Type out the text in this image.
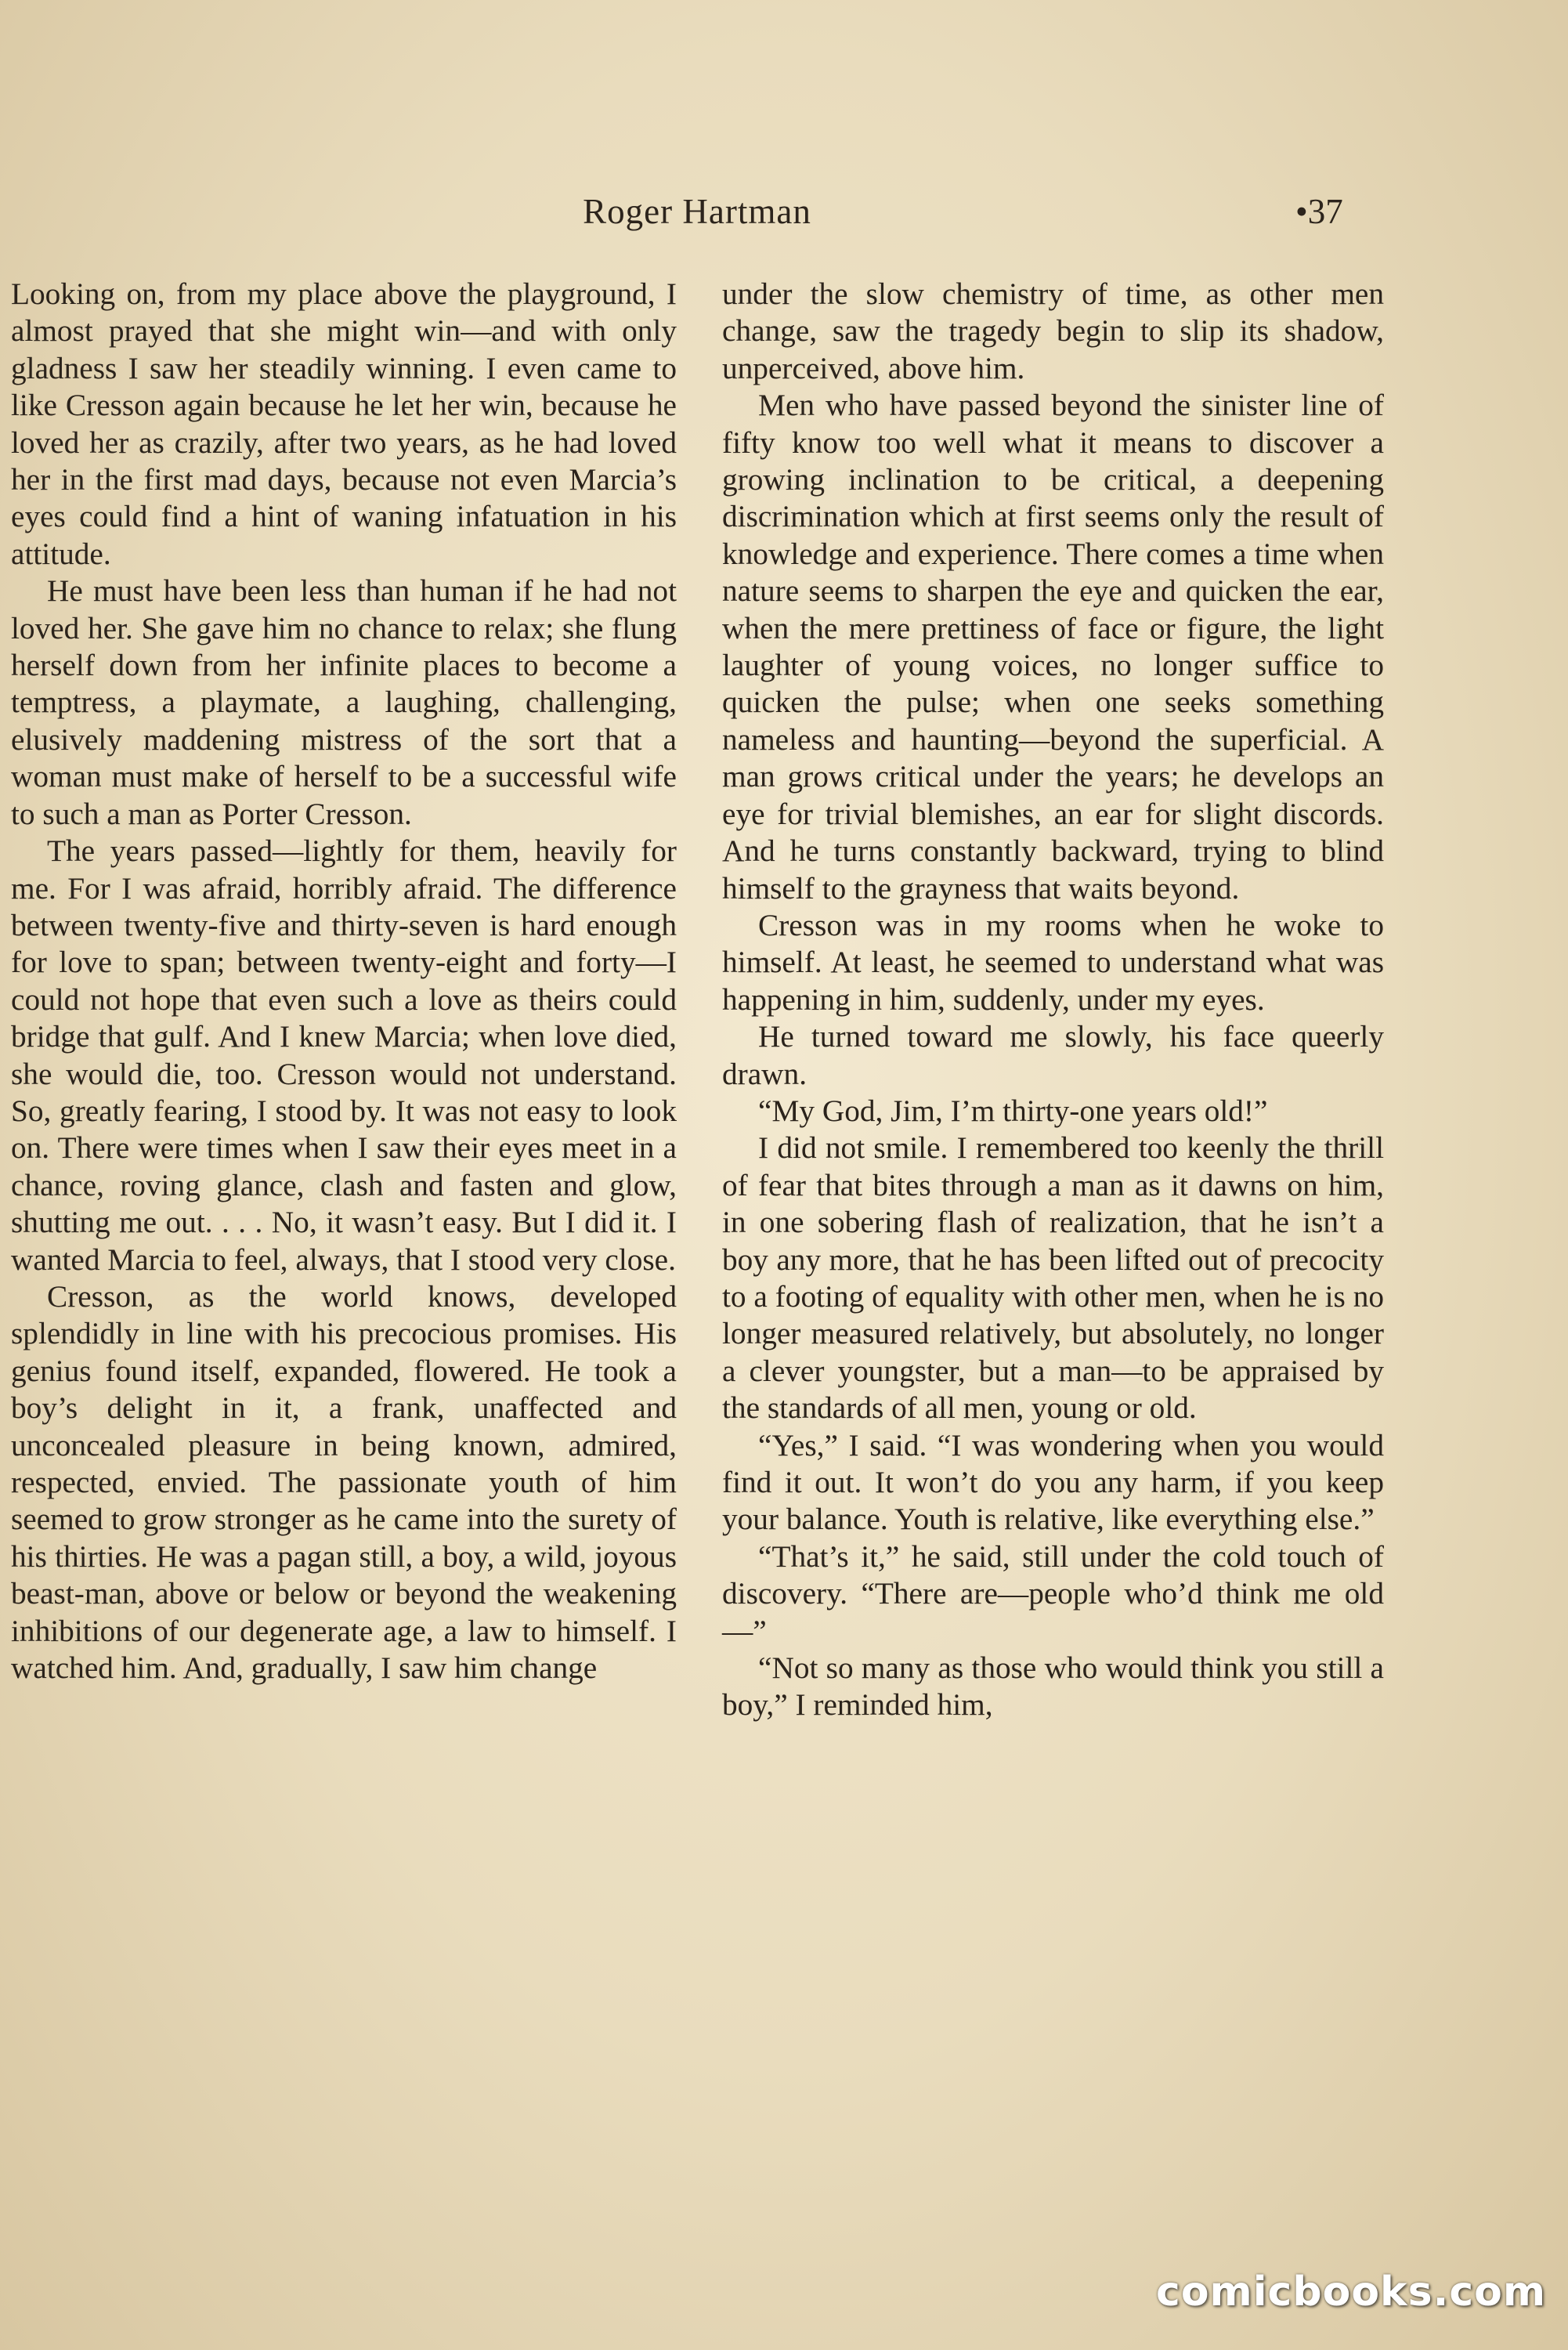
Roger Hartman	•37

Looking on, from my place above the playground, I almost prayed that she might win—and with only gladness I saw her steadily winning. I even came to like Cresson again because he let her win, because he loved her as crazily, after two years, as he had loved her in the first mad days, because not even Marcia’s eyes could find a hint of waning infatuation in his attitude.

He must have been less than human if he had not loved her. She gave him no chance to relax; she flung herself down from her infinite places to become a temptress, a playmate, a laughing, challenging, elusively maddening mistress of the sort that a woman must make of herself to be a successful wife to such a man as Porter Cresson.

The years passed—lightly for them, heavily for me. For I was afraid, horribly afraid. The difference between twenty-five and thirty-seven is hard enough for love to span; between twenty-eight and forty—I could not hope that even such a love as theirs could bridge that gulf. And I knew Marcia; when love died, she would die, too. Cresson would not understand. So, greatly fearing, I stood by. It was not easy to look on. There were times when I saw their eyes meet in a chance, roving glance, clash and fasten and glow, shutting me out. . . . No, it wasn’t easy. But I did it. I wanted Marcia to feel, always, that I stood very close.

Cresson, as the world knows, developed splendidly in line with his precocious promises. His genius found itself, expanded, flowered. He took a boy’s delight in it, a frank, unaffected and unconcealed pleasure in being known, admired, respected, envied. The passionate youth of him seemed to grow stronger as he came into the surety of his thirties. He was a pagan still, a boy, a wild, joyous beast-man, above or below or beyond the weakening inhibitions of our degenerate age, a law to himself. I watched him. And, gradually, I saw him change

under the slow chemistry of time, as other men change, saw the tragedy begin to slip its shadow, unperceived, above him.

Men who have passed beyond the sinister line of fifty know too well what it means to discover a growing inclination to be critical, a deepening discrimination which at first seems only the result of knowledge and experience. There comes a time when nature seems to sharpen the eye and quicken the ear, when the mere prettiness of face or figure, the light laughter of young voices, no longer suffice to quicken the pulse; when one seeks something nameless and haunting—beyond the superficial. A man grows critical under the years; he develops an eye for trivial blemishes, an ear for slight discords. And he turns constantly backward, trying to blind himself to the grayness that waits beyond.

Cresson was in my rooms when he woke to himself. At least, he seemed to understand what was happening in him, suddenly, under my eyes.

He turned toward me slowly, his face queerly drawn.

“My God, Jim, I’m thirty-one years old!”

I did not smile. I remembered too keenly the thrill of fear that bites through a man as it dawns on him, in one sobering flash of realization, that he isn’t a boy any more, that he has been lifted out of precocity to a footing of equality with other men, when he is no longer measured relatively, but absolutely, no longer a clever youngster, but a man—to be appraised by the standards of all men, young or old.

“Yes,” I said. “I was wondering when you would find it out. It won’t do you any harm, if you keep your balance. Youth is relative, like everything else.”

“That’s it,” he said, still under the cold touch of discovery. “There are—people who’d think me old—”

“Not so many as those who would think you still a boy,” I reminded him,

comicbooks.com
